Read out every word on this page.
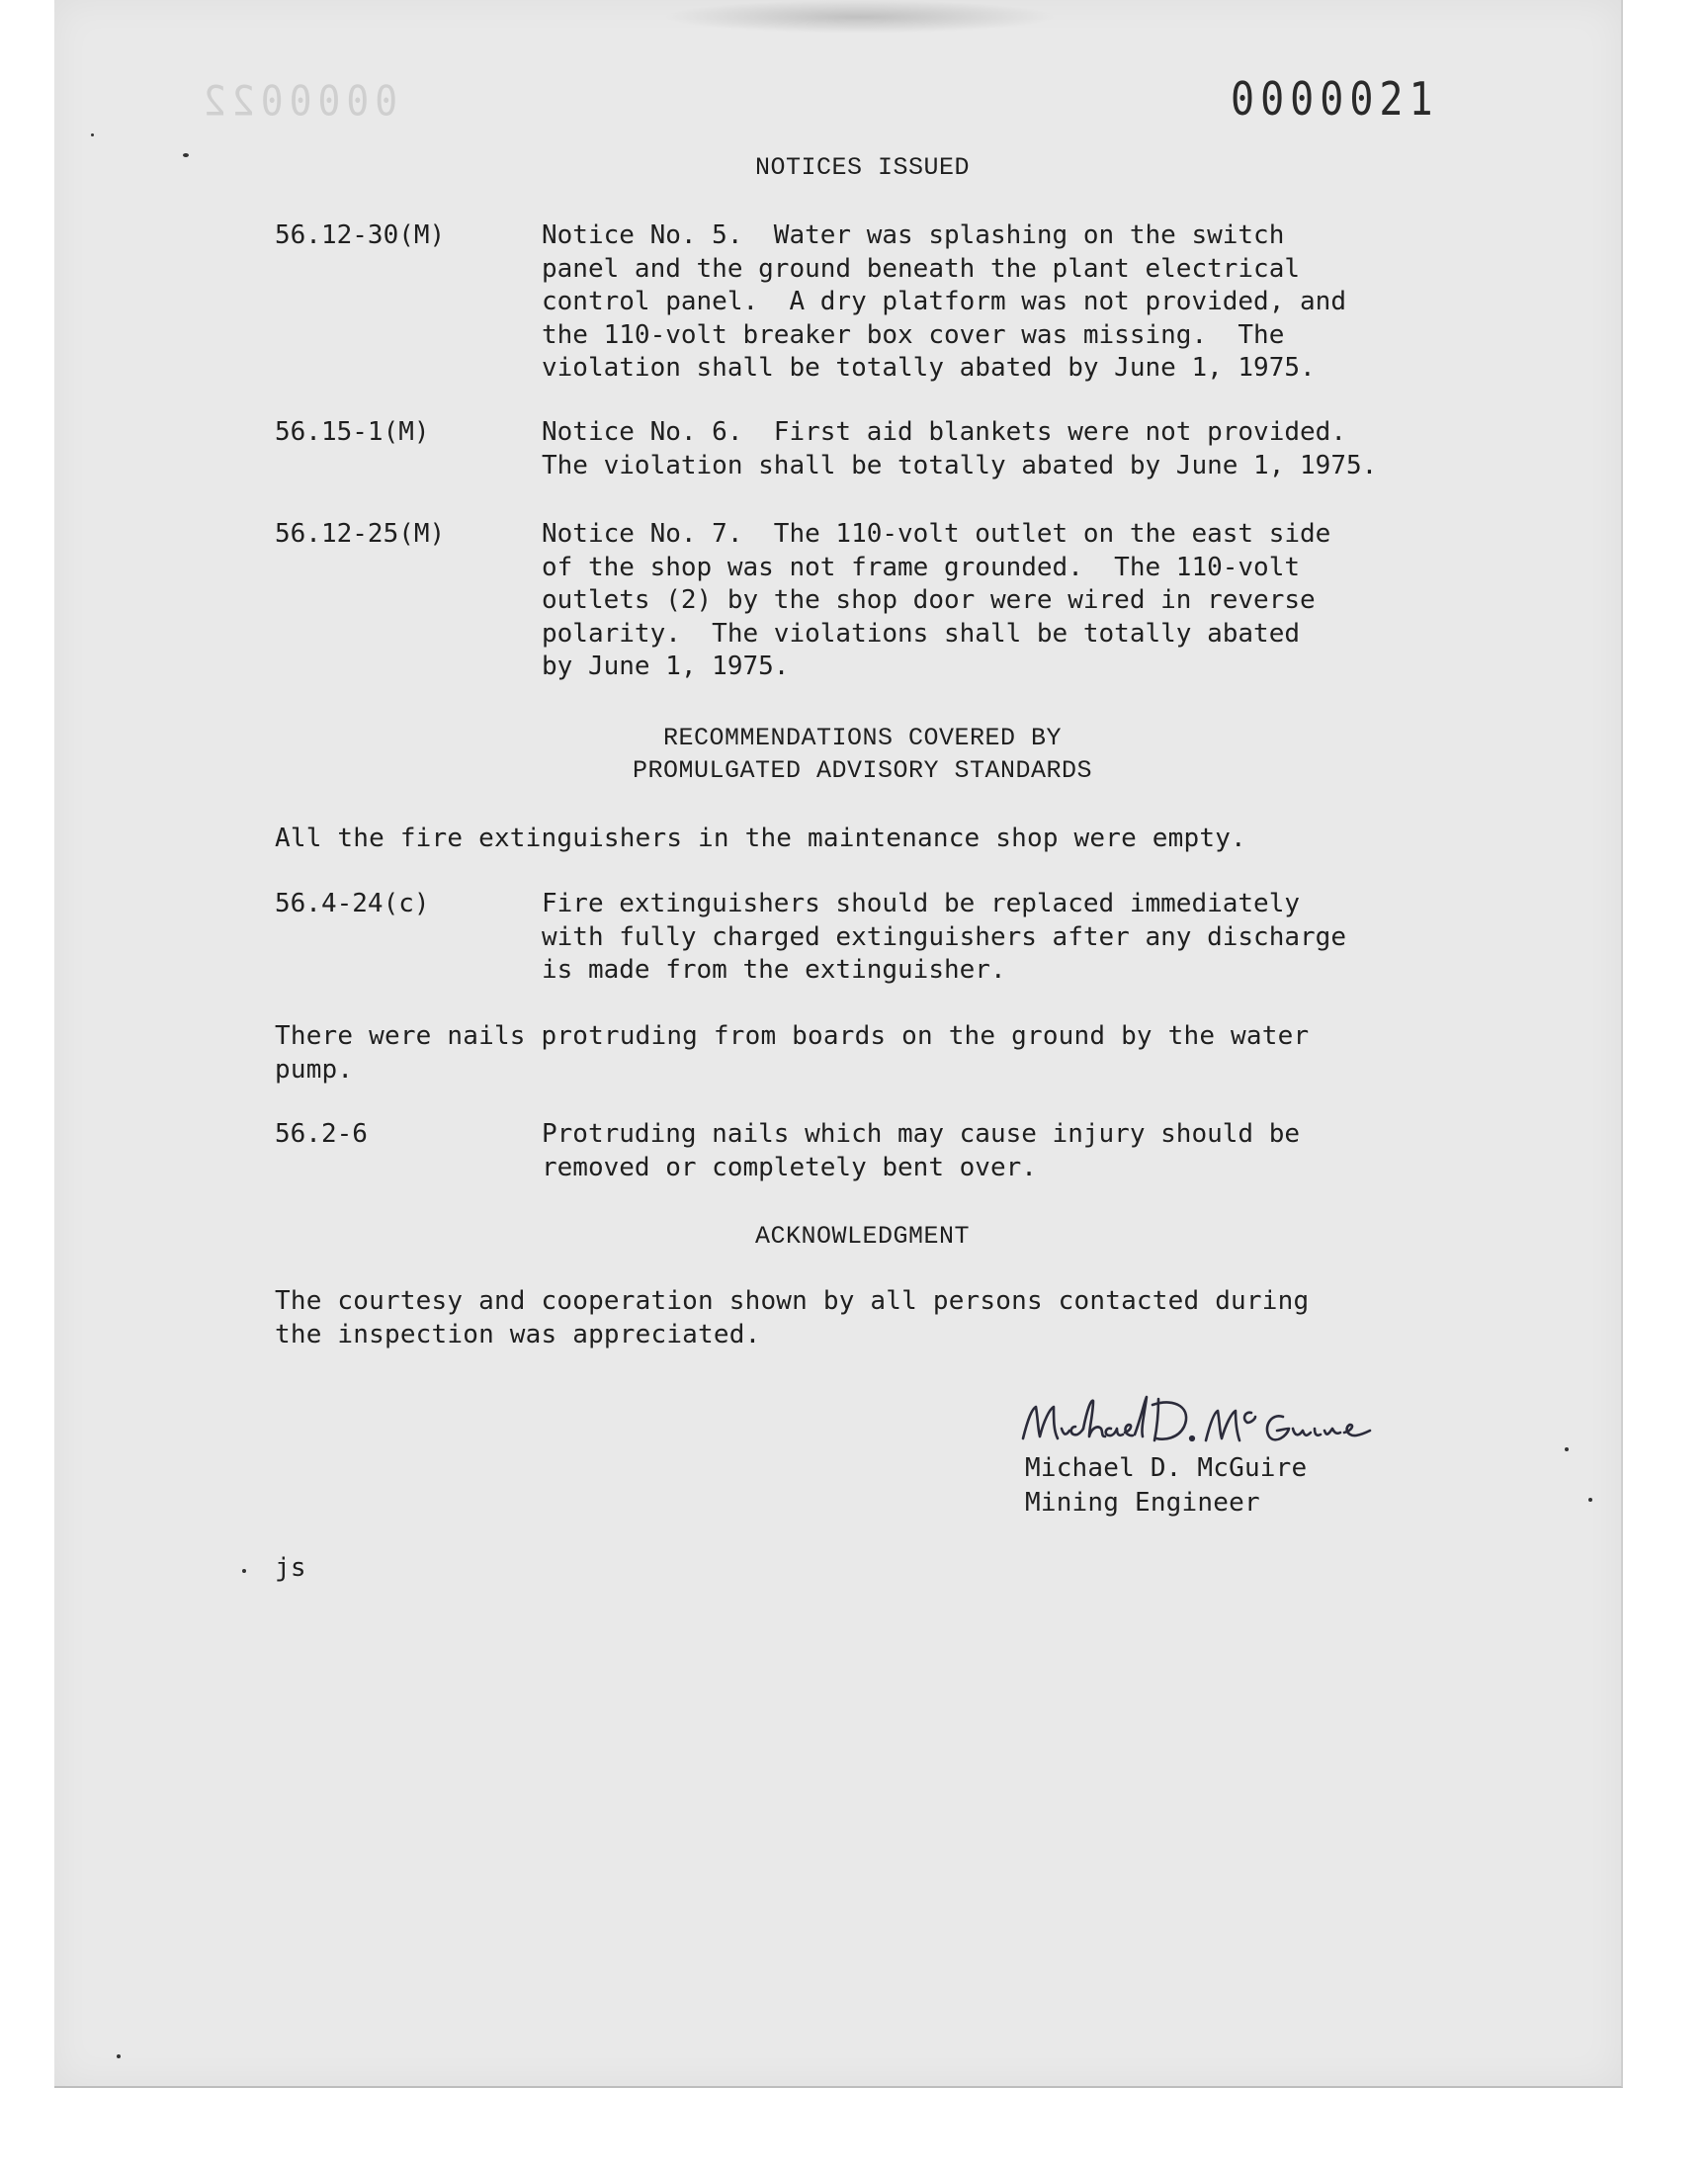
0000022	0000021
NOTICES ISSUED
56.12-30(M)	Notice No. 5.  Water was splashing on the switch
panel and the ground beneath the plant electrical
control panel.  A dry platform was not provided, and
the 110-volt breaker box cover was missing.  The
violation shall be totally abated by June 1, 1975.
56.15-1(M)	Notice No. 6.  First aid blankets were not provided.
The violation shall be totally abated by June 1, 1975.
56.12-25(M)	Notice No. 7.  The 110-volt outlet on the east side
of the shop was not frame grounded.  The 110-volt
outlets (2) by the shop door were wired in reverse
polarity.  The violations shall be totally abated
by June 1, 1975.
RECOMMENDATIONS COVERED BY
PROMULGATED ADVISORY STANDARDS
All the fire extinguishers in the maintenance shop were empty.
56.4-24(c)	Fire extinguishers should be replaced immediately
with fully charged extinguishers after any discharge
is made from the extinguisher.
There were nails protruding from boards on the ground by the water
pump.
56.2-6	Protruding nails which may cause injury should be
removed or completely bent over.
ACKNOWLEDGMENT
The courtesy and cooperation shown by all persons contacted during
the inspection was appreciated.
Michael D. McGuire
Mining Engineer
js
